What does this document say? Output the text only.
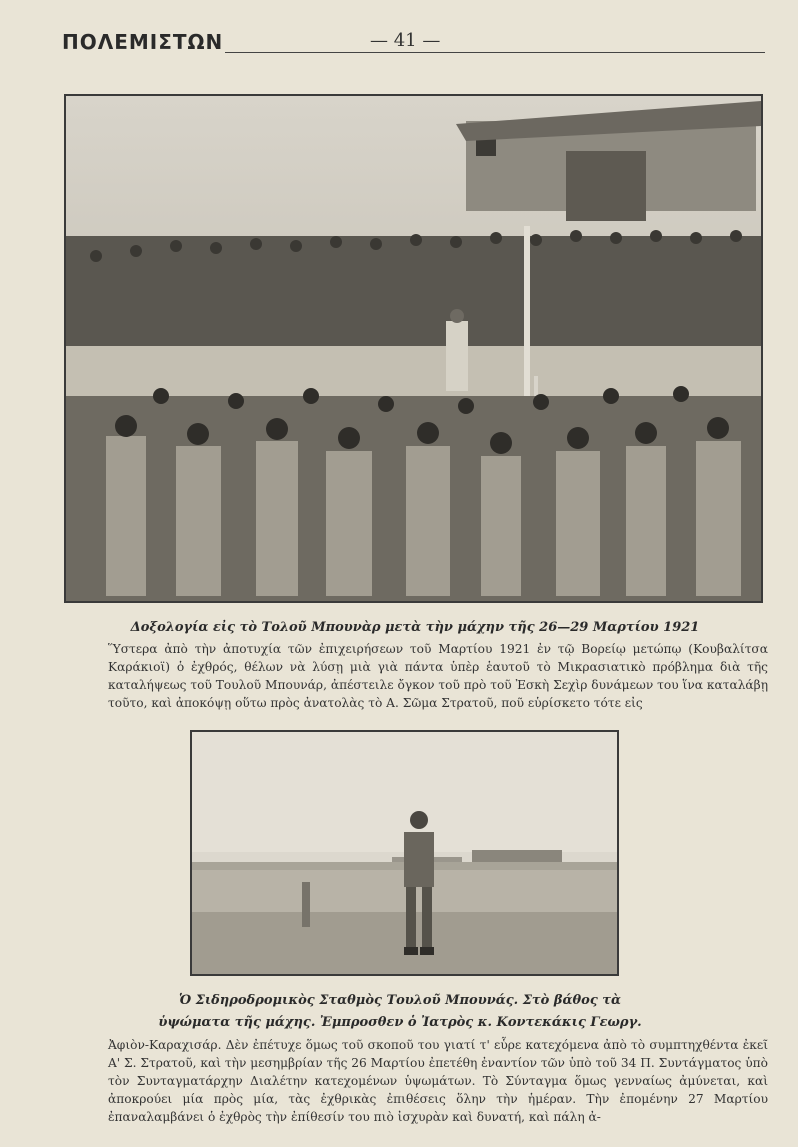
ΠΟΛΕΜΙΣΤΩΝ	— 41 —
Δοξολογία εἰς τὸ Τολοῦ Μπουνὰρ μετὰ τὴν μάχην τῆς 26—29 Μαρτίου 1921

Ὕστερα ἀπὸ τὴν ἀποτυχία τῶν ἐπιχειρήσεων τοῦ Μαρτίου 1921 ἐν τῷ Βορείῳ μετώπῳ (Κουβαλίτσα Καράκιοϊ) ὁ ἐχθρός, θέλων νὰ λύσῃ μιὰ γιὰ πάντα ὑπὲρ ἑαυτοῦ τὸ Μικρασιατικὸ πρόβλημα διὰ τῆς καταλήψεως τοῦ Τουλοῦ Μπουνάρ, ἀπέστειλε ὄγκον τοῦ πρὸ τοῦ Ἐσκὴ Σεχὶρ δυνάμεων του ἵνα καταλάβῃ τοῦτο, καὶ ἀποκόψῃ οὕτω πρὸς ἀνατολὰς τὸ Α. Σῶμα Στρατοῦ, ποῦ εὑρίσκετο τότε εἰς

Ὁ Σιδηροδρομικὸς Σταθμὸς Τουλοῦ Μπουνάς. Στὸ βάθος τὰ
ὑψώματα τῆς μάχης. Ἐμπροσθεν ὁ Ἰατρὸς κ. Κοντεκάκις Γεωργ.

Ἀφιὸν-Καραχισάρ. Δὲν ἐπέτυχε ὅμως τοῦ σκοποῦ του γιατί τ' εὗρε κατεχόμενα ἀπὸ τὸ συμπτηχθέντα ἐκεῖ Α' Σ. Στρατοῦ, καὶ τὴν μεσημβρίαν τῆς 26 Μαρτίου ἐπετέθη ἐναντίον τῶν ὑπὸ τοῦ 34 Π. Συντάγματος ὑπὸ τὸν Συνταγματάρχην Διαλέτην κατεχομένων ὑψωμάτων. Τὸ Σύνταγμα ὅμως γενναίως ἀμύνεται, καὶ ἀποκρούει μία πρὸς μία, τὰς ἐχθρικὰς ἐπιθέσεις ὅλην τὴν ἡμέραν. Τὴν ἐπομένην 27 Μαρτίου ἐπαναλαμβάνει ὁ ἐχθρὸς τὴν ἐπίθεσίν του πιὸ ἰσχυρὰν καὶ δυνατή, καὶ πάλη ἀ-
